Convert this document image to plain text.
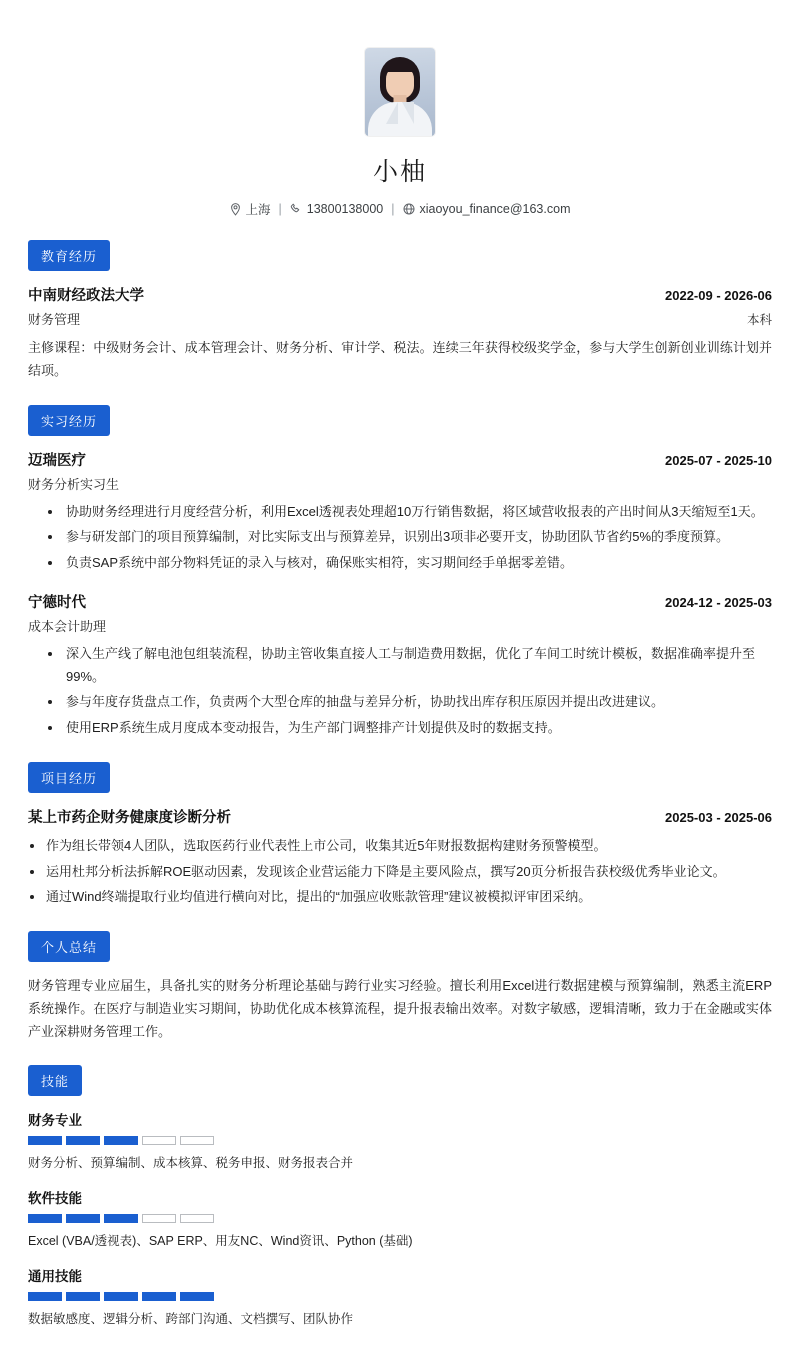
小柚
上海 | 13800138000 | xiaoyou_finance@163.com
教育经历
中南财经政法大学	2022-09 - 2026-06
财务管理	本科
主修课程：中级财务会计、成本管理会计、财务分析、审计学、税法。连续三年获得校级奖学金，参与大学生创新创业训练计划并结项。
实习经历
迈瑞医疗	2025-07 - 2025-10
财务分析实习生
协助财务经理进行月度经营分析，利用Excel透视表处理超10万行销售数据，将区域营收报表的产出时间从3天缩短至1天。
参与研发部门的项目预算编制，对比实际支出与预算差异，识别出3项非必要开支，协助团队节省约5%的季度预算。
负责SAP系统中部分物料凭证的录入与核对，确保账实相符，实习期间经手单据零差错。
宁德时代	2024-12 - 2025-03
成本会计助理
深入生产线了解电池包组装流程，协助主管收集直接人工与制造费用数据，优化了车间工时统计模板，数据准确率提升至99%。
参与年度存货盘点工作，负责两个大型仓库的抽盘与差异分析，协助找出库存积压原因并提出改进建议。
使用ERP系统生成月度成本变动报告，为生产部门调整排产计划提供及时的数据支持。
项目经历
某上市药企财务健康度诊断分析	2025-03 - 2025-06
作为组长带领4人团队，选取医药行业代表性上市公司，收集其近5年财报数据构建财务预警模型。
运用杜邦分析法拆解ROE驱动因素，发现该企业营运能力下降是主要风险点，撰写20页分析报告获校级优秀毕业论文。
通过Wind终端提取行业均值进行横向对比，提出的“加强应收账款管理”建议被模拟评审团采纳。
个人总结
财务管理专业应届生，具备扎实的财务分析理论基础与跨行业实习经验。擅长利用Excel进行数据建模与预算编制，熟悉主流ERP系统操作。在医疗与制造业实习期间，协助优化成本核算流程，提升报表输出效率。对数字敏感，逻辑清晰，致力于在金融或实体产业深耕财务管理工作。
技能
财务专业
财务分析、预算编制、成本核算、税务申报、财务报表合并
软件技能
Excel (VBA/透视表)、SAP ERP、用友NC、Wind资讯、Python (基础)
通用技能
数据敏感度、逻辑分析、跨部门沟通、文档撰写、团队协作
